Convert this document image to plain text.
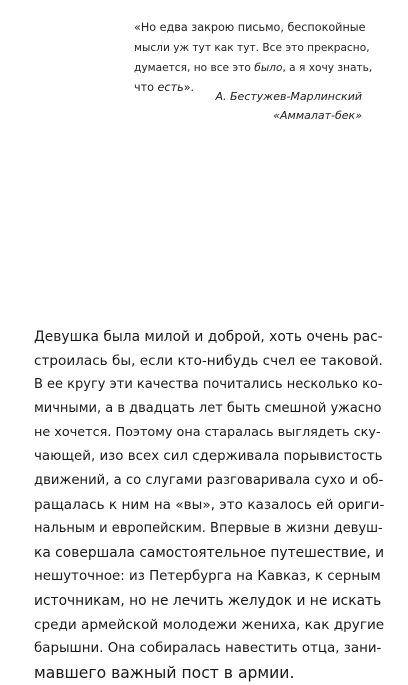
«Но едва закрою письмо, беспокойные
мысли уж тут как тут. Все это прекрасно,
думается, но все это было, а я хочу знать,
что есть».
А. Бестужев-Марлинский
«Аммалат-бек»
Девушка была милой и доброй, хоть очень рас-
строилась бы, если кто-нибудь счел ее таковой.
В ее кругу эти качества почитались несколько ко-
мичными, а в двадцать лет быть смешной ужасно
не хочется. Поэтому она старалась выглядеть ску-
чающей, изо всех сил сдерживала порывистость
движений, а со слугами разговаривала сухо и об-
ращалась к ним на «вы», это казалось ей ориги-
нальным и европейским. Впервые в жизни девуш-
ка совершала самостоятельное путешествие, и
нешуточное: из Петербурга на Кавказ, к серным
источникам, но не лечить желудок и не искать
среди армейской молодежи жениха, как другие
барышни. Она собиралась навестить отца, зани-
мавшего важный пост в армии.
